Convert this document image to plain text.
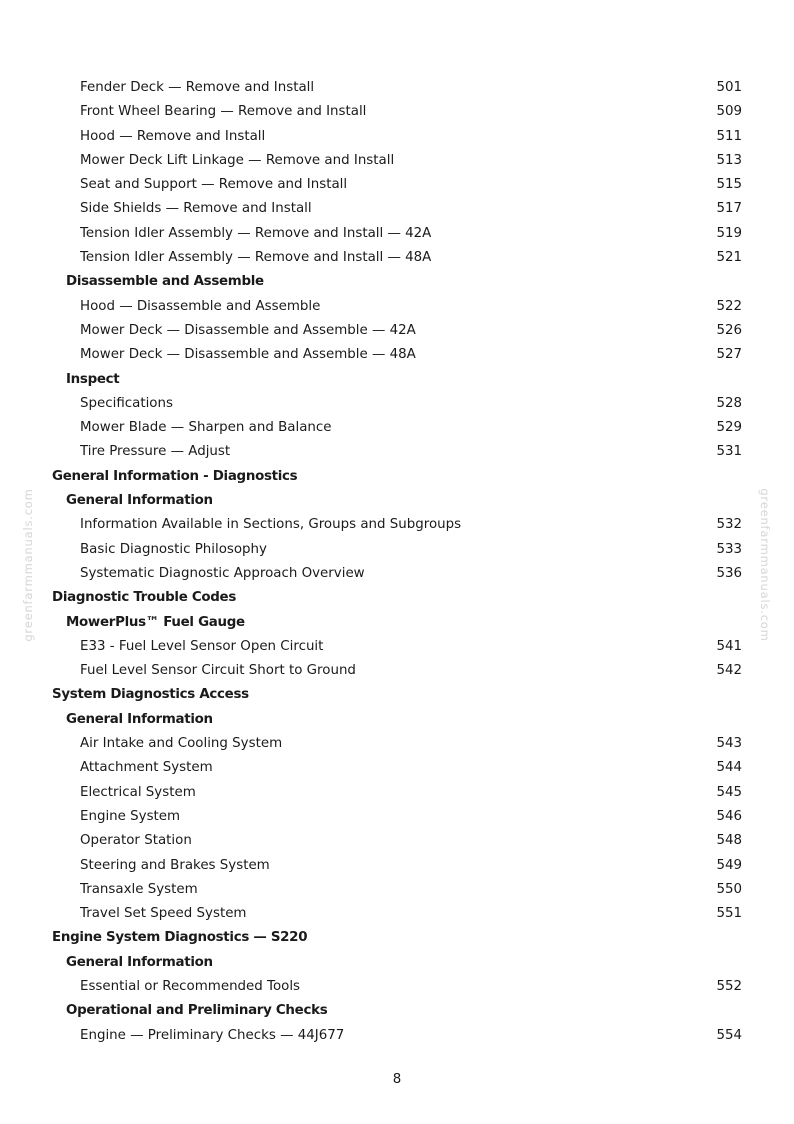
Fender Deck — Remove and Install	501
Front Wheel Bearing — Remove and Install	509
Hood — Remove and Install	511
Mower Deck Lift Linkage — Remove and Install	513
Seat and Support — Remove and Install	515
Side Shields — Remove and Install	517
Tension Idler Assembly — Remove and Install — 42A	519
Tension Idler Assembly — Remove and Install — 48A	521
Disassemble and Assemble
Hood — Disassemble and Assemble	522
Mower Deck — Disassemble and Assemble — 42A	526
Mower Deck — Disassemble and Assemble — 48A	527
Inspect
Specifications	528
Mower Blade — Sharpen and Balance	529
Tire Pressure — Adjust	531
General Information - Diagnostics
General Information
Information Available in Sections, Groups and Subgroups	532
Basic Diagnostic Philosophy	533
Systematic Diagnostic Approach Overview	536
Diagnostic Trouble Codes
MowerPlus™ Fuel Gauge
E33 - Fuel Level Sensor Open Circuit	541
Fuel Level Sensor Circuit Short to Ground	542
System Diagnostics Access
General Information
Air Intake and Cooling System	543
Attachment System	544
Electrical System	545
Engine System	546
Operator Station	548
Steering and Brakes System	549
Transaxle System	550
Travel Set Speed System	551
Engine System Diagnostics — S220
General Information
Essential or Recommended Tools	552
Operational and Preliminary Checks
Engine — Preliminary Checks — 44J677	554
8
greenfarmmanuals.com	greenfarmmanuals.com
